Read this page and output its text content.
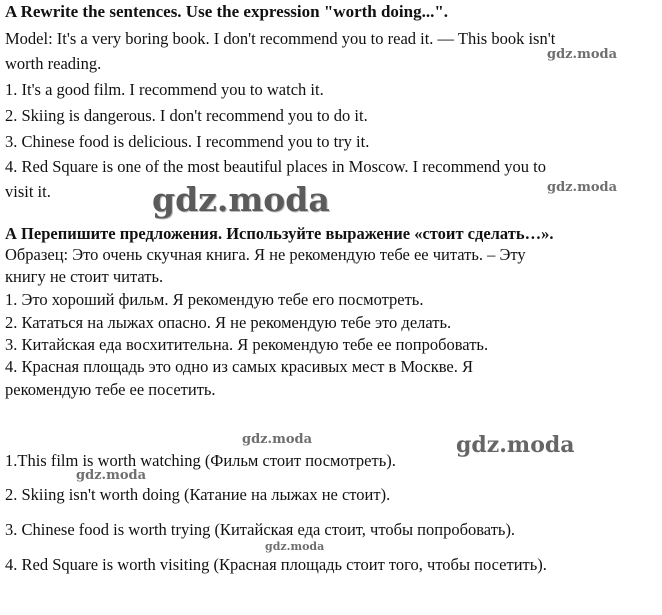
A Rewrite the sentences. Use the expression "worth doing...".
Model: It's a very boring book. I don't recommend you to read it. — This book isn't
worth reading.
1. It's a good film. I recommend you to watch it.
2. Skiing is dangerous. I don't recommend you to do it.
3. Chinese food is delicious. I recommend you to try it.
4. Red Square is one of the most beautiful places in Moscow. I recommend you to
visit it.
А Перепишите предложения. Используйте выражение «стоит сделать…».
Образец: Это очень скучная книга. Я не рекомендую тебе ее читать. – Эту
книгу не стоит читать.
1. Это хороший фильм. Я рекомендую тебе его посмотреть.
2. Кататься на лыжах опасно. Я не рекомендую тебе это делать.
3. Китайская еда восхитительна. Я рекомендую тебе ее попробовать.
4. Красная площадь это одно из самых красивых мест в Москве. Я
рекомендую тебе ее посетить.
1.This film is worth watching (Фильм стоит посмотреть).
2. Skiing isn't worth doing (Катание на лыжах не стоит).
3. Chinese food is worth trying (Китайская еда стоит, чтобы попробовать).
4. Red Square is worth visiting (Красная площадь стоит того, чтобы посетить).
gdz.moda
gdz.moda	gdz.moda
gdz.moda	gdz.moda
gdz.moda
gdz.moda
